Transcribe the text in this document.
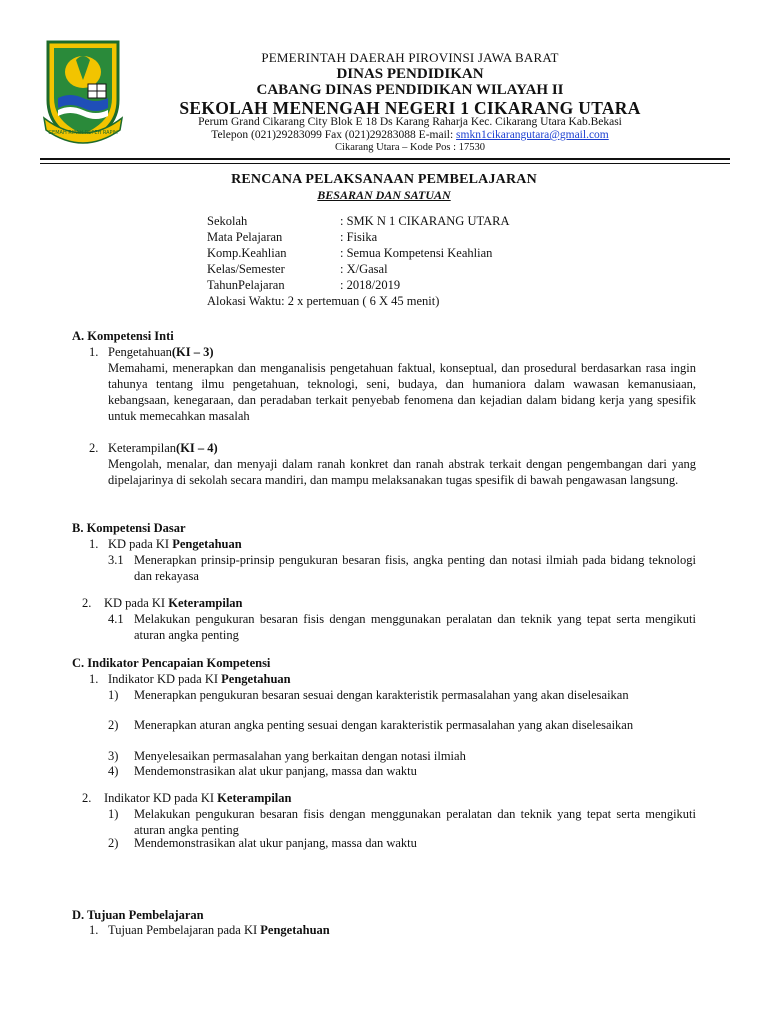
GEMAH RIPAH REPEH RAPIH
PEMERINTAH DAERAH PIROVINSI JAWA BARAT
DINAS PENDIDIKAN
CABANG DINAS PENDIDIKAN WILAYAH II
SEKOLAH MENENGAH NEGERI 1 CIKARANG UTARA
Perum Grand Cikarang City Blok E 18 Ds Karang Raharja Kec. Cikarang Utara Kab.Bekasi
Telepon (021)29283099 Fax (021)29283088 E-mail: smkn1cikarangutara@gmail.com
Cikarang Utara – Kode Pos : 17530
RENCANA PELAKSANAAN PEMBELAJARAN
BESARAN DAN SATUAN
Sekolah	: SMK N 1 CIKARANG UTARA
Mata Pelajaran	: Fisika
Komp.Keahlian	: Semua Kompetensi Keahlian
Kelas/Semester	: X/Gasal
TahunPelajaran	: 2018/2019
Alokasi Waktu: 2 x pertemuan ( 6 X 45 menit)
A. Kompetensi Inti
1. Pengetahuan(KI – 3)
Memahami, menerapkan dan menganalisis pengetahuan faktual, konseptual, dan prosedural berdasarkan rasa ingin tahunya tentang ilmu pengetahuan, teknologi, seni, budaya, dan humaniora dalam wawasan kemanusiaan, kebangsaan, kenegaraan, dan peradaban terkait penyebab fenomena dan kejadian dalam bidang kerja yang spesifik untuk memecahkan masalah
2. Keterampilan(KI – 4)
Mengolah, menalar, dan menyaji dalam ranah konkret dan ranah abstrak terkait dengan pengembangan dari yang dipelajarinya di sekolah secara mandiri, dan mampu melaksanakan tugas spesifik di bawah pengawasan langsung.
B. Kompetensi Dasar
1. KD pada KI Pengetahuan
3.1 Menerapkan prinsip-prinsip pengukuran besaran fisis, angka penting dan notasi ilmiah pada bidang teknologi dan rekayasa
2. KD pada KI Keterampilan
4.1 Melakukan pengukuran besaran fisis dengan menggunakan peralatan dan teknik yang tepat serta mengikuti aturan angka penting
C. Indikator Pencapaian Kompetensi
1. Indikator KD pada KI Pengetahuan
1) Menerapkan pengukuran besaran sesuai dengan karakteristik permasalahan yang akan diselesaikan
2) Menerapkan aturan angka penting sesuai dengan karakteristik permasalahan yang akan diselesaikan
3) Menyelesaikan permasalahan yang berkaitan dengan notasi ilmiah
4) Mendemonstrasikan alat ukur panjang, massa dan waktu
2. Indikator KD pada KI Keterampilan
1) Melakukan pengukuran besaran fisis dengan menggunakan peralatan dan teknik yang tepat serta mengikuti aturan angka penting
2) Mendemonstrasikan alat ukur panjang, massa dan waktu
D. Tujuan Pembelajaran
1. Tujuan Pembelajaran pada KI Pengetahuan
